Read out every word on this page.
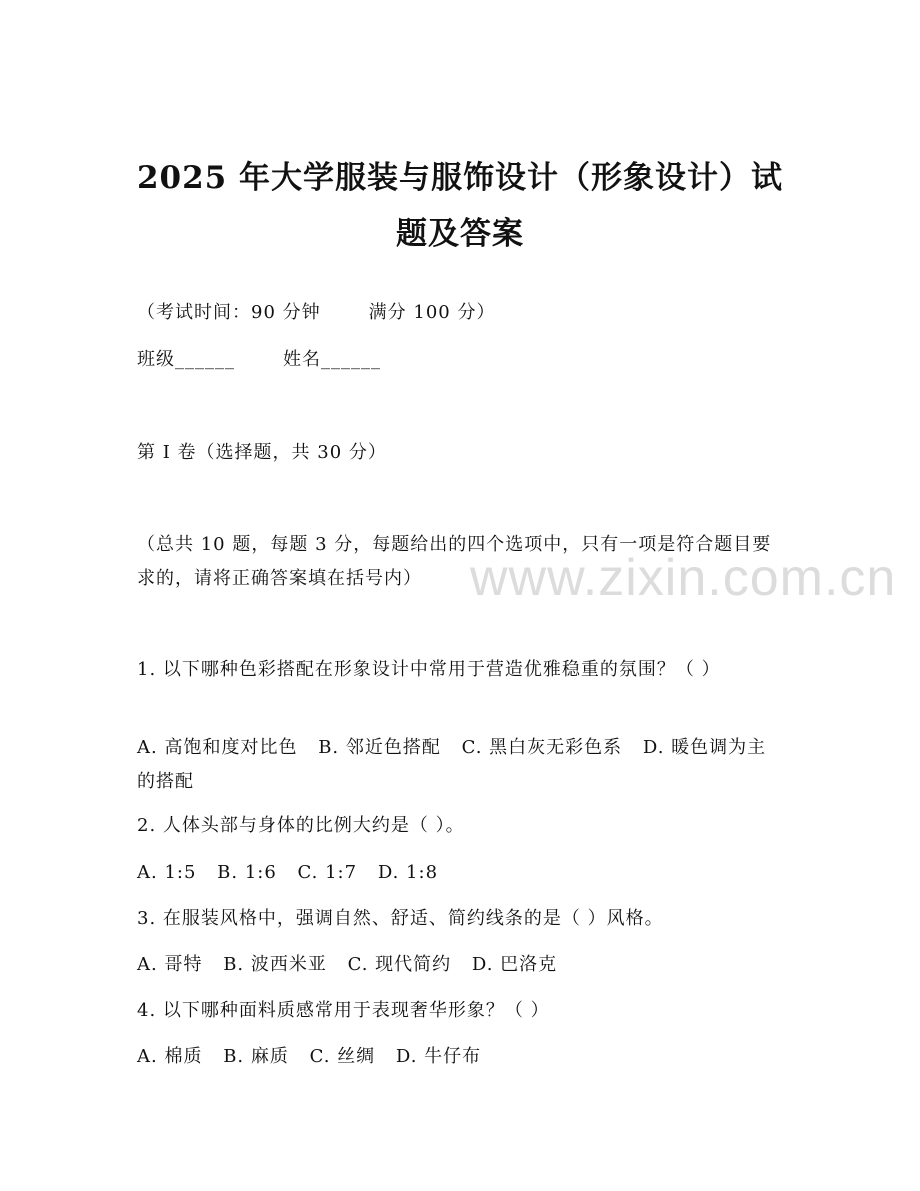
2025 年大学服装与服饰设计（形象设计）试
题及答案
（考试时间：90 分钟	满分 100 分）
班级______	姓名______
第 I 卷（选择题，共 30 分）
（总共 10 题，每题 3 分，每题给出的四个选项中，只有一项是符合题目要求的，请将正确答案填在括号内）
1. 以下哪种色彩搭配在形象设计中常用于营造优雅稳重的氛围？（ ）
A. 高饱和度对比色 B. 邻近色搭配 C. 黑白灰无彩色系 D. 暖色调为主的搭配
2. 人体头部与身体的比例大约是（ ）。
A. 1:5 B. 1:6 C. 1:7 D. 1:8
3. 在服装风格中，强调自然、舒适、简约线条的是（ ）风格。
A. 哥特 B. 波西米亚 C. 现代简约 D. 巴洛克
4. 以下哪种面料质感常用于表现奢华形象？（ ）
A. 棉质 B. 麻质 C. 丝绸 D. 牛仔布
www.zixin.com.cn
